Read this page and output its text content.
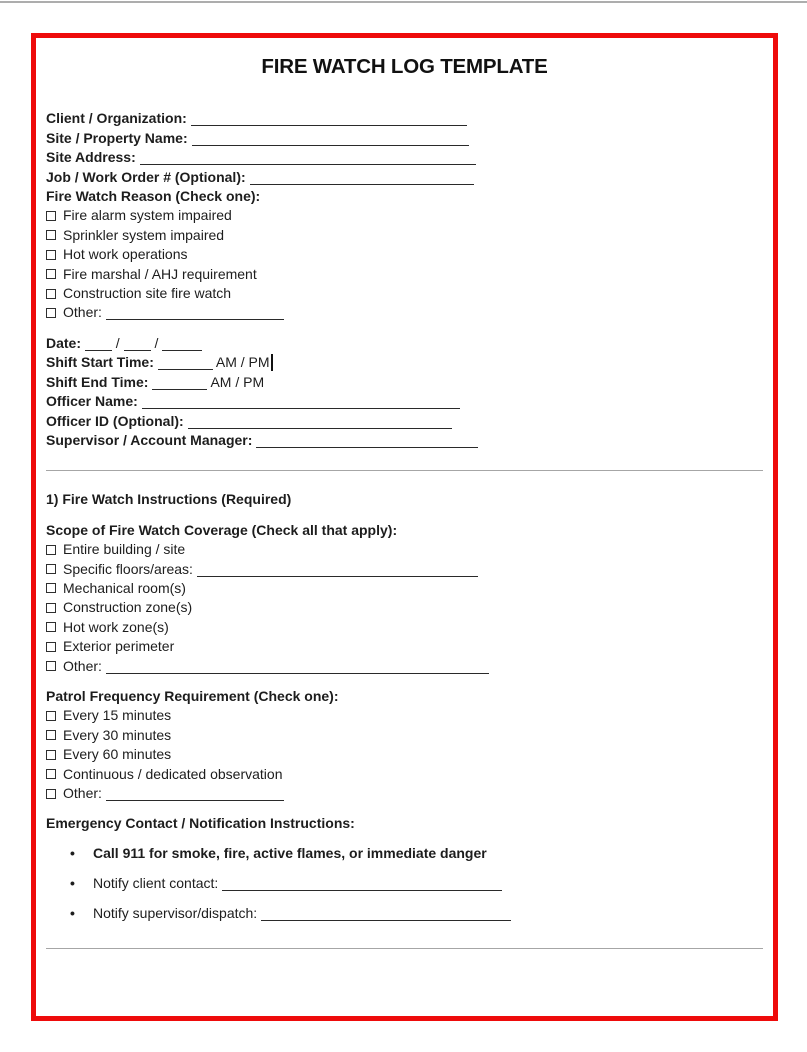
FIRE WATCH LOG TEMPLATE
Client / Organization:
Site / Property Name:
Site Address:
Job / Work Order # (Optional):
Fire Watch Reason (Check one):
Fire alarm system impaired
Sprinkler system impaired
Hot work operations
Fire marshal / AHJ requirement
Construction site fire watch
Other:
Date: / /
Shift Start Time:	AM / PM
Shift End Time:	AM / PM
Officer Name:
Officer ID (Optional):
Supervisor / Account Manager:
1) Fire Watch Instructions (Required)
Scope of Fire Watch Coverage (Check all that apply):
Entire building / site
Specific floors/areas:
Mechanical room(s)
Construction zone(s)
Hot work zone(s)
Exterior perimeter
Other:
Patrol Frequency Requirement (Check one):
Every 15 minutes
Every 30 minutes
Every 60 minutes
Continuous / dedicated observation
Other:
Emergency Contact / Notification Instructions:
• Call 911 for smoke, fire, active flames, or immediate danger
• Notify client contact:
• Notify supervisor/dispatch:
